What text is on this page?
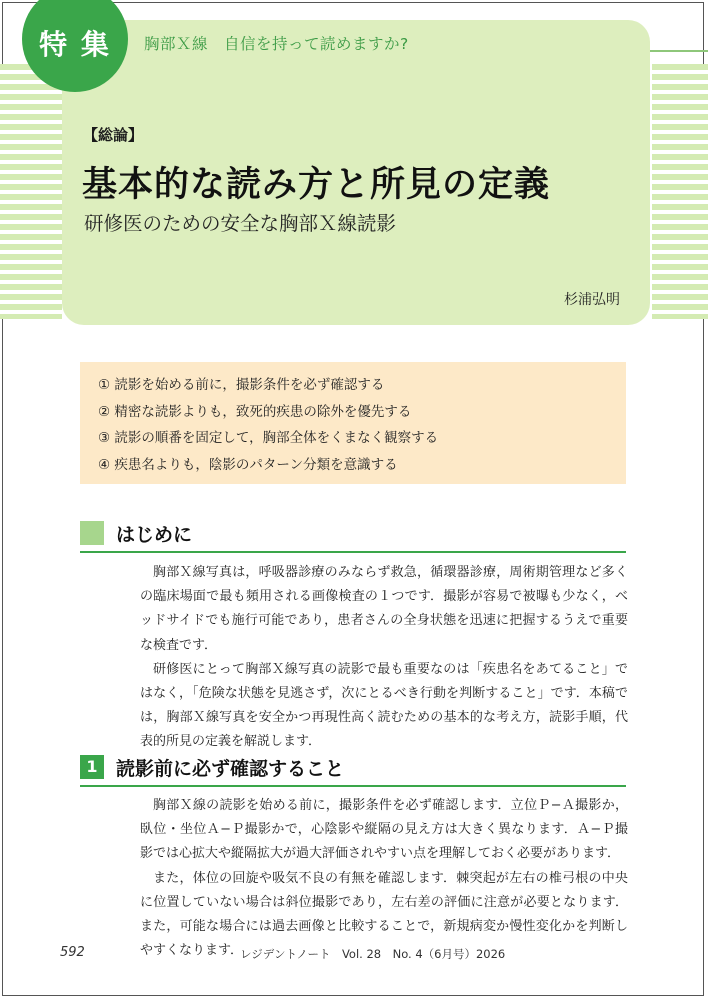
特 集	胸部Ｘ線　自信を持って読めますか?
【総論】
基本的な読み方と所見の定義
研修医のための安全な胸部Ｘ線読影
杉浦弘明
① 読影を始める前に，撮影条件を必ず確認する
② 精密な読影よりも，致死的疾患の除外を優先する
③ 読影の順番を固定して，胸部全体をくまなく観察する
④ 疾患名よりも，陰影のパターン分類を意識する
はじめに

胸部Ｘ線写真は，呼吸器診療のみならず救急，循環器診療，周術期管理など多くの臨床場面で最も頻用される画像検査の１つです．撮影が容易で被曝も少なく，ベッドサイドでも施行可能であり，患者さんの全身状態を迅速に把握するうえで重要な検査です．

研修医にとって胸部Ｘ線写真の読影で最も重要なのは「疾患名をあてること」ではなく，「危険な状態を見逃さず，次にとるべき行動を判断すること」です．本稿では，胸部Ｘ線写真を安全かつ再現性高く読むための基本的な考え方，読影手順，代表的所見の定義を解説します．

1 読影前に必ず確認すること

胸部Ｘ線の読影を始める前に，撮影条件を必ず確認します．立位Ｐ−Ａ撮影か，臥位・坐位Ａ−Ｐ撮影かで，心陰影や縦隔の見え方は大きく異なります．Ａ−Ｐ撮影では心拡大や縦隔拡大が過大評価されやすい点を理解しておく必要があります．

また，体位の回旋や吸気不良の有無を確認します．棘突起が左右の椎弓根の中央に位置していない場合は斜位撮影であり，左右差の評価に注意が必要となります．また，可能な場合には過去画像と比較することで，新規病変か慢性変化かを判断しやすくなります．

592	レジデントノート　Vol. 28　No. 4（6月号）2026
